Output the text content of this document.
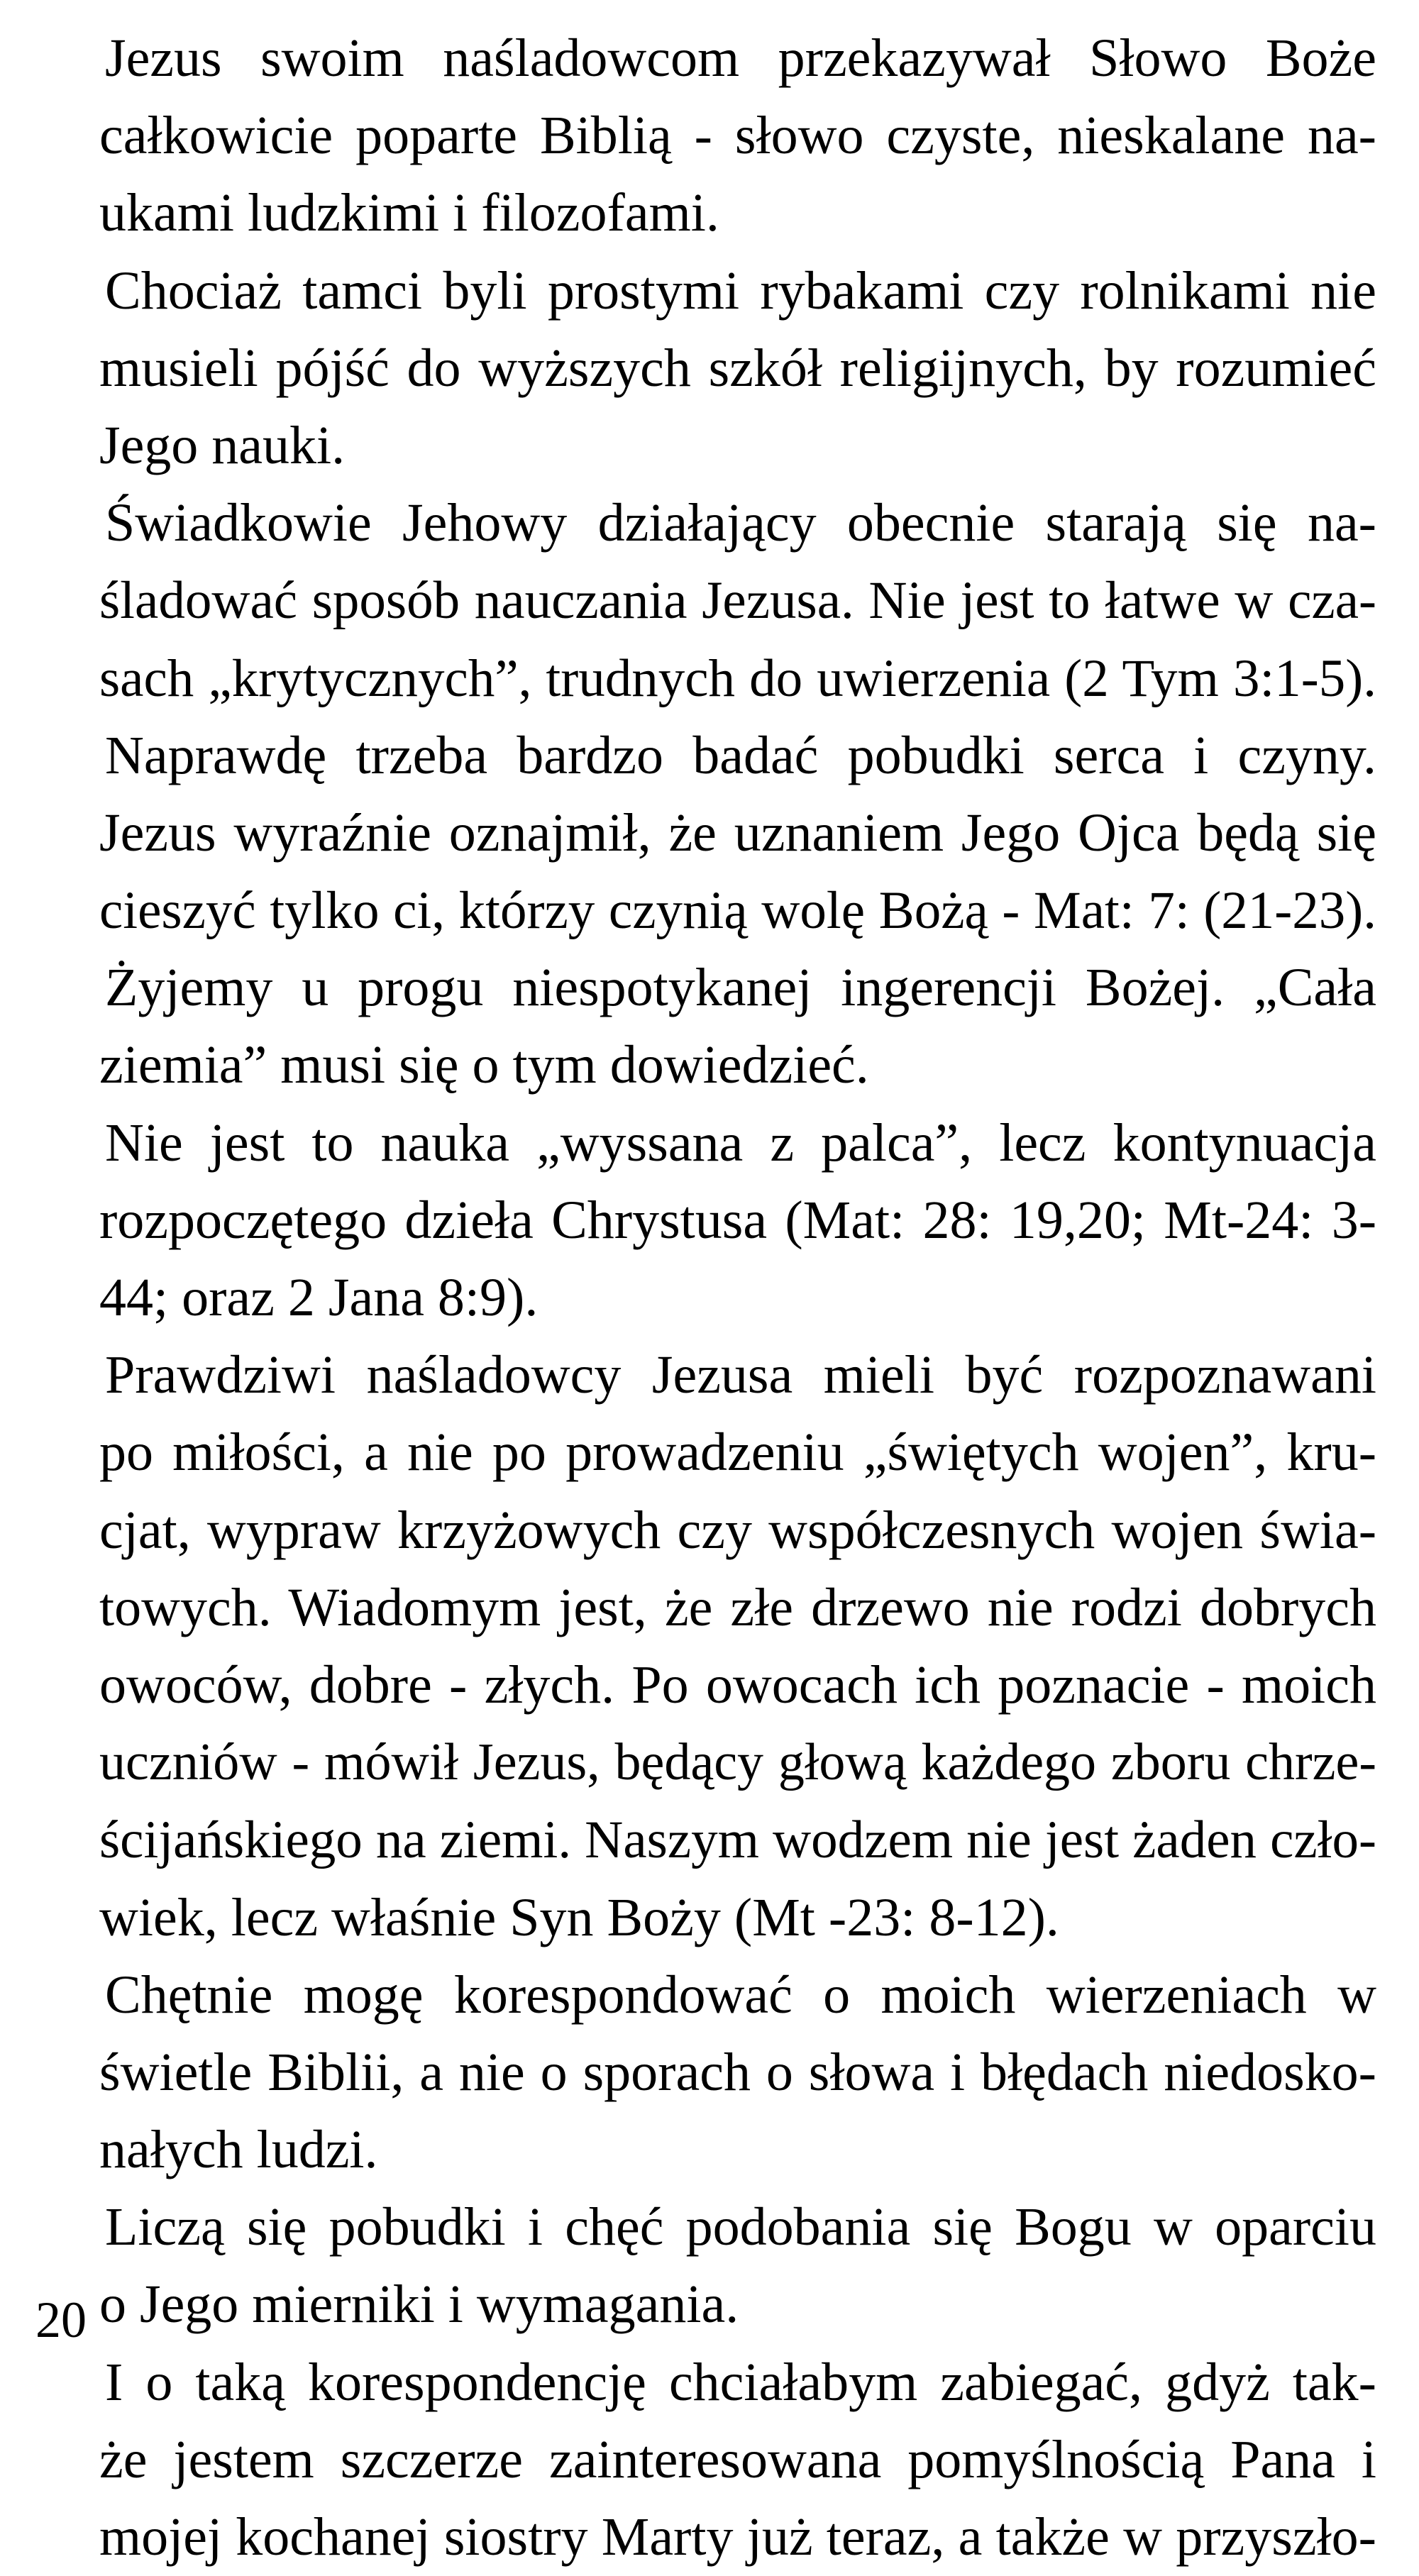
Jezus swoim naśladowcom przekazywał Słowo Boże
całkowicie poparte Biblią - słowo czyste, nieskalane na-
ukami ludzkimi i filozofami.
Chociaż tamci byli prostymi rybakami czy rolnikami nie
musieli pójść do wyższych szkół religijnych, by rozumieć
Jego nauki.
Świadkowie Jehowy działający obecnie starają się na-
śladować sposób nauczania Jezusa. Nie jest to łatwe w cza-
sach „krytycznych”, trudnych do uwierzenia (2 Tym 3:1-5).
Naprawdę trzeba bardzo badać pobudki serca i czyny.
Jezus wyraźnie oznajmił, że uznaniem Jego Ojca będą się
cieszyć tylko ci, którzy czynią wolę Bożą - Mat: 7: (21-23).
Żyjemy u progu niespotykanej ingerencji Bożej. „Cała
ziemia” musi się o tym dowiedzieć.
Nie jest to nauka „wyssana z palca”, lecz kontynuacja
rozpoczętego dzieła Chrystusa (Mat: 28: 19,20; Mt-24: 3-
44; oraz 2 Jana 8:9).
Prawdziwi naśladowcy Jezusa mieli być rozpoznawani
po miłości, a nie po prowadzeniu „świętych wojen”, kru-
cjat, wypraw krzyżowych czy współczesnych wojen świa-
towych. Wiadomym jest, że złe drzewo nie rodzi dobrych
owoców, dobre - złych. Po owocach ich poznacie - moich
uczniów - mówił Jezus, będący głową każdego zboru chrze-
ścijańskiego na ziemi. Naszym wodzem nie jest żaden czło-
wiek, lecz właśnie Syn Boży (Mt -23: 8-12).
Chętnie mogę korespondować o moich wierzeniach w
świetle Biblii, a nie o sporach o słowa i błędach niedosko-
nałych ludzi.
Liczą się pobudki i chęć podobania się Bogu w oparciu
o Jego mierniki i wymagania.
I o taką korespondencję chciałabym zabiegać, gdyż tak-
że jestem szczerze zainteresowana pomyślnością Pana i
mojej kochanej siostry Marty już teraz, a także w przyszło-
20
